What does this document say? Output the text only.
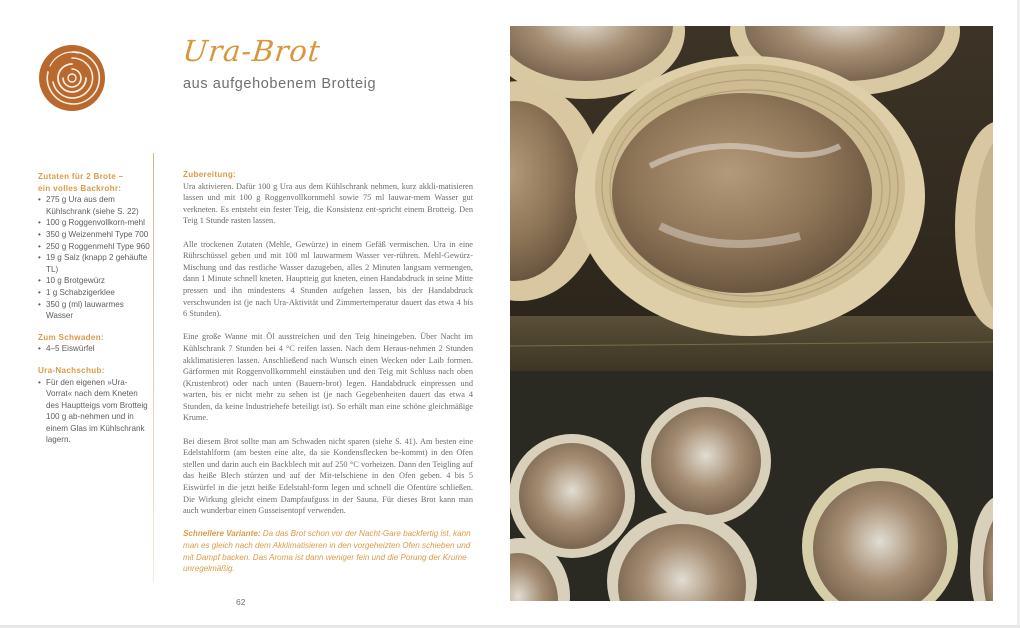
Ura-Brot
aus aufgehobenem Brotteig
Zutaten für 2 Brote –
ein volles Backrohr:
• 275 g Ura aus dem Kühlschrank (siehe S. 22)
• 100 g Roggenvollkorn-mehl
• 350 g Weizenmehl Type 700
• 250 g Roggenmehl Type 960
• 19 g Salz (knapp 2 gehäufte TL)
• 10 g Brotgewürz
• 1 g Schabzigerklee
• 350 g (ml) lauwarmes Wasser
Zum Schwaden:
• 4–5 Eiswürfel
Ura-Nachschub:
• Für den eigenen »Ura-Vorrat« nach dem Kneten des Hauptteigs vom Brotteig 100 g ab-nehmen und in einem Glas im Kühlschrank lagern.
Zubereitung:

Ura aktivieren. Dafür 100 g Ura aus dem Kühlschrank nehmen, kurz akkli-matisieren lassen und mit 100 g Roggenvollkornmehl sowie 75 ml lauwar-mem Wasser gut verkneten. Es entsteht ein fester Teig, die Konsistenz ent-spricht einem Brotteig. Den Teig 1 Stunde rasten lassen.

Alle trockenen Zutaten (Mehle, Gewürze) in einem Gefäß vermischen. Ura in eine Rührschüssel geben und mit 100 ml lauwarmem Wasser ver-rühren. Mehl-Gewürz-Mischung und das restliche Wasser dazugeben, alles 2 Minuten langsam vermengen, dann 1 Minute schnell kneten. Hauptteig gut kneten, einen Handabdruck in seine Mitte pressen und ihn mindestens 4 Stunden aufgehen lassen, bis der Handabdruck verschwunden ist (je nach Ura-Aktivität und Zimmertemperatur dauert das etwa 4 bis 6 Stunden).

Eine große Wanne mit Öl ausstreichen und den Teig hineingeben. Über Nacht im Kühlschrank 7 Stunden bei 4 °C reifen lassen. Nach dem Heraus-nehmen 2 Stunden akklimatisieren lassen. Anschließend nach Wunsch einen Wecken oder Laib formen. Gärformen mit Roggenvollkornmehl einstäuben und den Teig mit Schluss nach oben (Krustenbrot) oder nach unten (Bauern-brot) legen. Handabdruck einpressen und warten, bis er nicht mehr zu sehen ist (je nach Gegebenheiten dauert das etwa 4 Stunden, da keine Industriehefe beteiligt ist). So erhält man eine schöne gleichmäßige Krume.

Bei diesem Brot sollte man am Schwaden nicht sparen (siehe S. 41). Am besten eine Edelstahlform (am besten eine alte, da sie Kondensflecken be-kommt) in den Ofen stellen und darin auch ein Backblech mit auf 250 °C vorheizen. Dann den Teigling auf das heiße Blech stürzen und auf der Mit-telschiene in den Ofen geben. 4 bis 5 Eiswürfel in die jetzt heiße Edelstahl-form legen und schnell die Ofentüre schließen. Die Wirkung gleicht einem Dampfaufguss in der Sauna. Für dieses Brot kann man auch wunderbar einen Gusseisentopf verwenden.

Schnellere Variante: Da das Brot schon vor der Nacht-Gare backfertig ist, kann man es gleich nach dem Akklimatisieren in den vorgeheizten Ofen schieben und mit Dampf backen. Das Aroma ist dann weniger fein und die Porung der Krume unregelmäßig.

62
